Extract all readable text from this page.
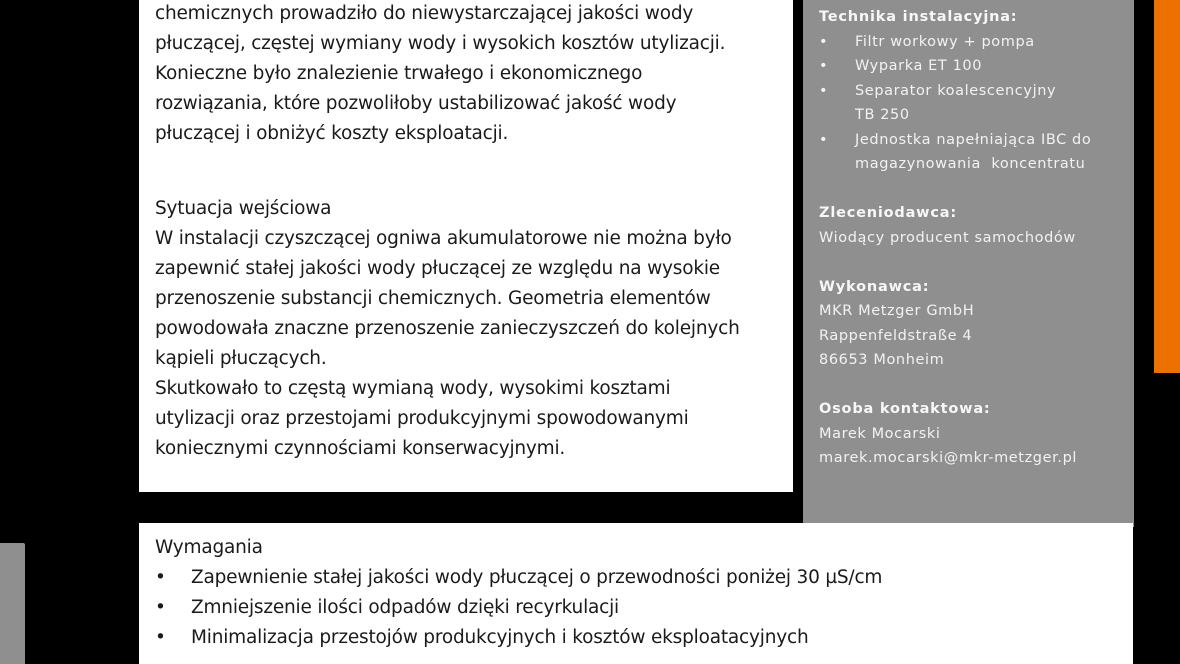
chemicznych prowadziło do niewystarczającej jakości wody

płuczącej, częstej wymiany wody i wysokich kosztów utylizacji.

Konieczne było znalezienie trwałego i ekonomicznego

rozwiązania, które pozwoliłoby ustabilizować jakość wody

płuczącej i obniżyć koszty eksploatacji.

Sytuacja wejściowa

W instalacji czyszczącej ogniwa akumulatorowe nie można było

zapewnić stałej jakości wody płuczącej ze względu na wysokie

przenoszenie substancji chemicznych. Geometria elementów

powodowała znaczne przenoszenie zanieczyszczeń do kolejnych

kąpieli płuczących.

Skutkowało to częstą wymianą wody, wysokimi kosztami

utylizacji oraz przestojami produkcyjnymi spowodowanymi

koniecznymi czynnościami konserwacyjnymi.

Technika instalacyjna:

• Filtr workowy + pompa
• Wyparka ET 100
• Separator koalescencyjny
TB 250
• Jednostka napełniająca IBC do
magazynowania  koncentratu

Zleceniodawca:

Wiodący producent samochodów

Wykonawca:

MKR Metzger GmbH

Rappenfeldstraße 4

86653 Monheim

Osoba kontaktowa:

Marek Mocarski

marek.mocarski@mkr-metzger.pl

Wymagania
• Zapewnienie stałej jakości wody płuczącej o przewodności poniżej 30 µS/cm
• Zmniejszenie ilości odpadów dzięki recyrkulacji
• Minimalizacja przestojów produkcyjnych i kosztów eksploatacyjnych
